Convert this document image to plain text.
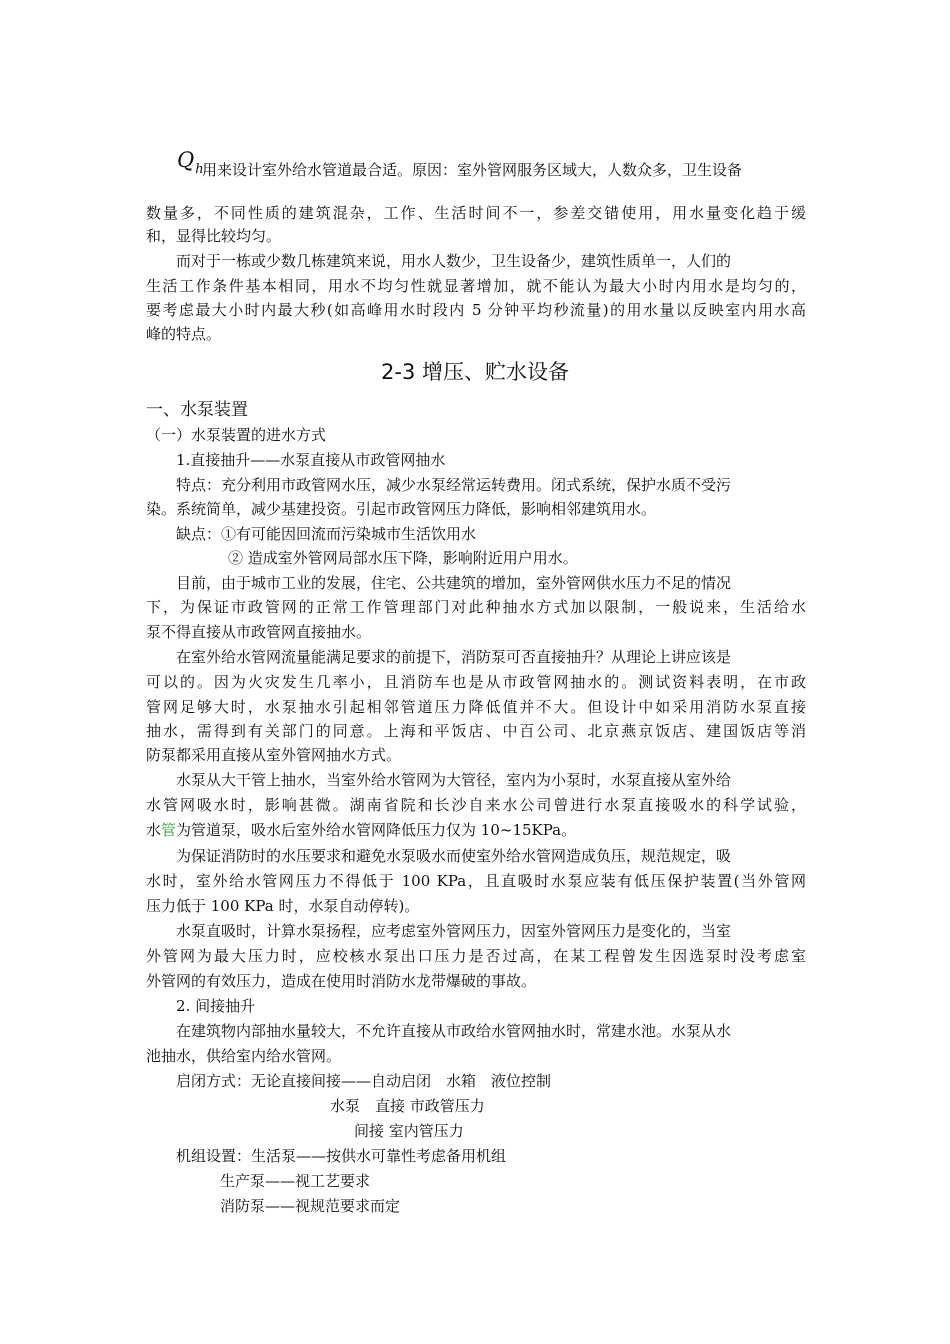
Qh
用来设计室外给水管道最合适。原因：室外管网服务区域大，人数众多，卫生设备
数量多，不同性质的建筑混杂，工作、生活时间不一，参差交错使用，用水量变化趋于缓
和，显得比较均匀。
而对于一栋或少数几栋建筑来说，用水人数少，卫生设备少，建筑性质单一，人们的
生活工作条件基本相同，用水不均匀性就显著增加，就不能认为最大小时内用水是均匀的，
要考虑最大小时内最大秒(如高峰用水时段内 5 分钟平均秒流量)的用水量以反映室内用水高
峰的特点。
2-3 增压、贮水设备
一、水泵装置
（一）水泵装置的进水方式
1.直接抽升——水泵直接从市政管网抽水
特点：充分利用市政管网水压，减少水泵经常运转费用。闭式系统，保护水质不受污
染。系统简单，减少基建投资。引起市政管网压力降低，影响相邻建筑用水。
缺点：①有可能因回流而污染城市生活饮用水
② 造成室外管网局部水压下降，影响附近用户用水。
目前，由于城市工业的发展，住宅、公共建筑的增加，室外管网供水压力不足的情况
下，为保证市政管网的正常工作管理部门对此种抽水方式加以限制，一般说来，生活给水
泵不得直接从市政管网直接抽水。
在室外给水管网流量能满足要求的前提下，消防泵可否直接抽升？从理论上讲应该是
可以的。因为火灾发生几率小，且消防车也是从市政管网抽水的。测试资料表明，在市政
管网足够大时，水泵抽水引起相邻管道压力降低值并不大。但设计中如采用消防水泵直接
抽水，需得到有关部门的同意。上海和平饭店、中百公司、北京燕京饭店、建国饭店等消
防泵都采用直接从室外管网抽水方式。
水泵从大干管上抽水，当室外给水管网为大管径，室内为小泵时，水泵直接从室外给
水管网吸水时，影响甚微。湖南省院和长沙自来水公司曾进行水泵直接吸水的科学试验，
水管为管道泵，吸水后室外给水管网降低压力仅为 10~15KPa。
为保证消防时的水压要求和避免水泵吸水而使室外给水管网造成负压，规范规定，吸
水时，室外给水管网压力不得低于 100 KPa，且直吸时水泵应装有低压保护装置(当外管网
压力低于 100 KPa 时，水泵自动停转)。
水泵直吸时，计算水泵扬程，应考虑室外管网压力，因室外管网压力是变化的，当室
外管网为最大压力时，应校核水泵出口压力是否过高，在某工程曾发生因选泵时没考虑室
外管网的有效压力，造成在使用时消防水龙带爆破的事故。
2. 间接抽升
在建筑物内部抽水量较大，不允许直接从市政给水管网抽水时，常建水池。水泵从水
池抽水，供给室内给水管网。
启闭方式：无论直接间接——自动启闭　水箱　液位控制
水泵　直接 市政管压力
间接 室内管压力
机组设置：生活泵——按供水可靠性考虑备用机组
生产泵——视工艺要求
消防泵——视规范要求而定
